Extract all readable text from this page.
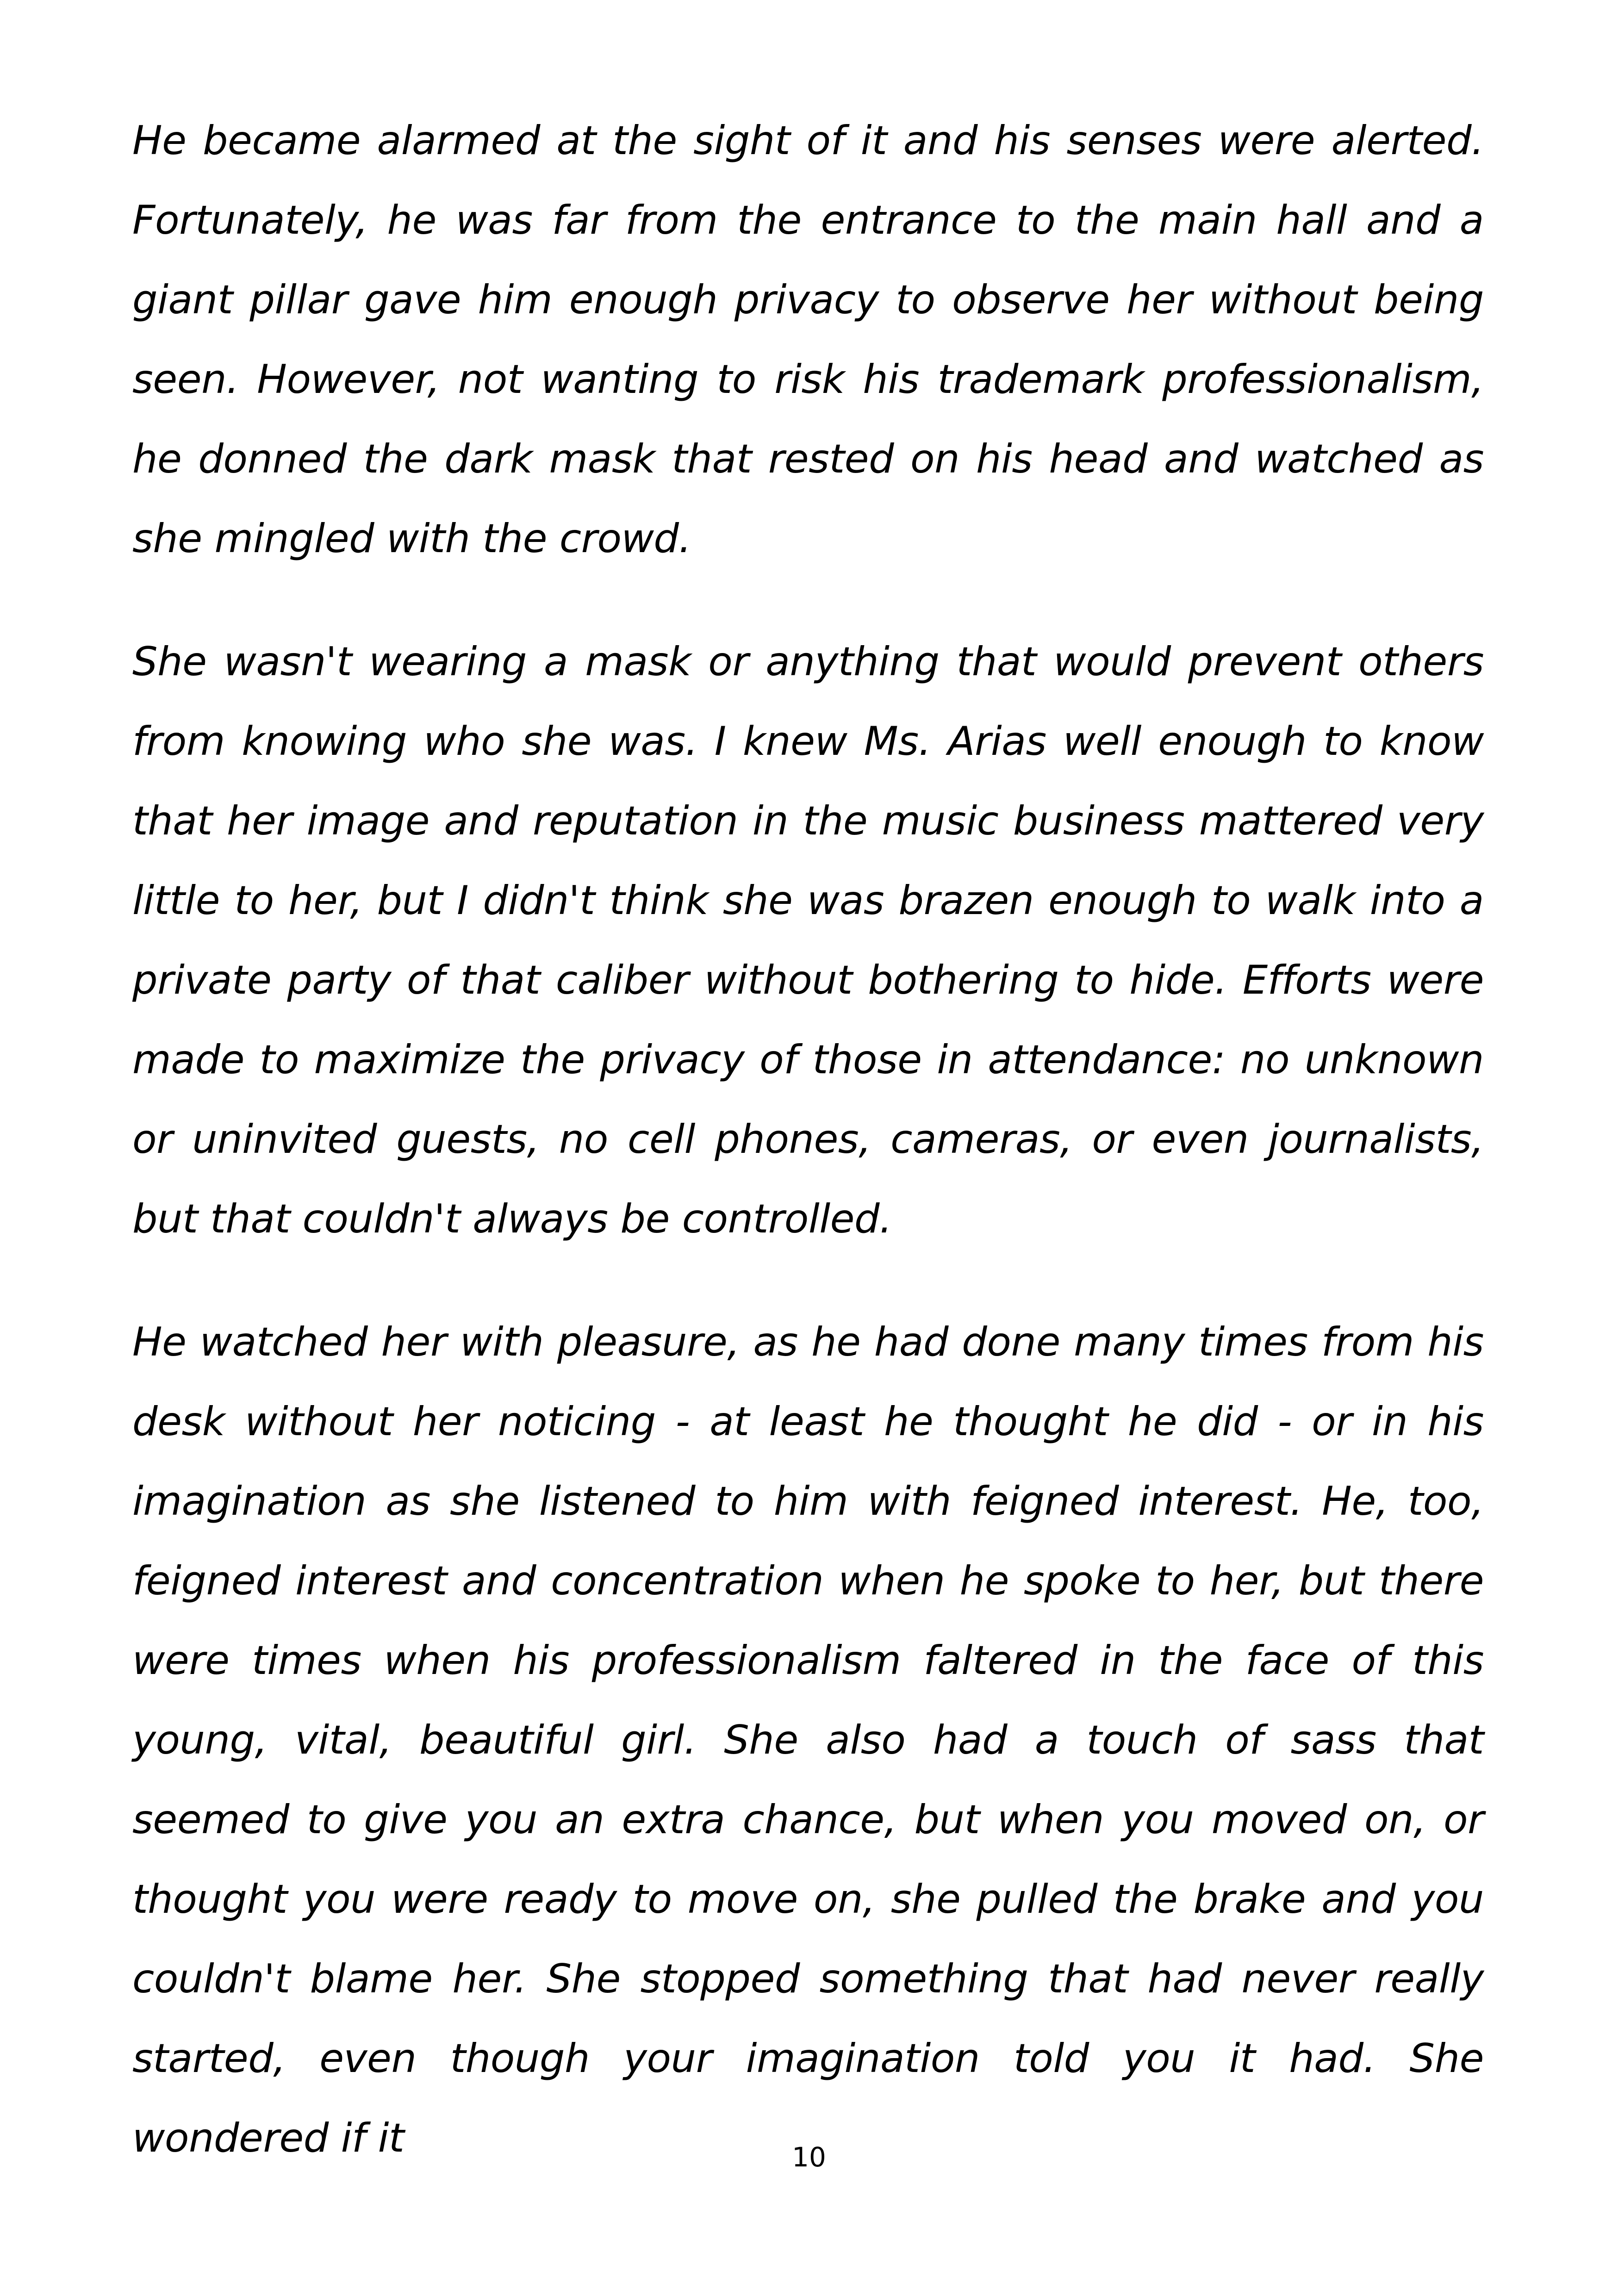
He became alarmed at the sight of it and his senses were alerted. Fortunately, he was far from the entrance to the main hall and a giant pillar gave him enough privacy to observe her without being seen. However, not wanting to risk his trademark professionalism, he donned the dark mask that rested on his head and watched as she mingled with the crowd.

She wasn't wearing a mask or anything that would prevent others from knowing who she was. I knew Ms. Arias well enough to know that her image and reputation in the music business mattered very little to her, but I didn't think she was brazen enough to walk into a private party of that caliber without bothering to hide. Efforts were made to maximize the privacy of those in attendance: no unknown or uninvited guests, no cell phones, cameras, or even journalists, but that couldn't always be controlled.

He watched her with pleasure, as he had done many times from his desk without her noticing - at least he thought he did - or in his imagination as she listened to him with feigned interest. He, too, feigned interest and concentration when he spoke to her, but there were times when his professionalism faltered in the face of this young, vital, beautiful girl. She also had a touch of sass that seemed to give you an extra chance, but when you moved on, or thought you were ready to move on, she pulled the brake and you couldn't blame her. She stopped something that had never really started, even though your imagination told you it had. She wondered if it	10
